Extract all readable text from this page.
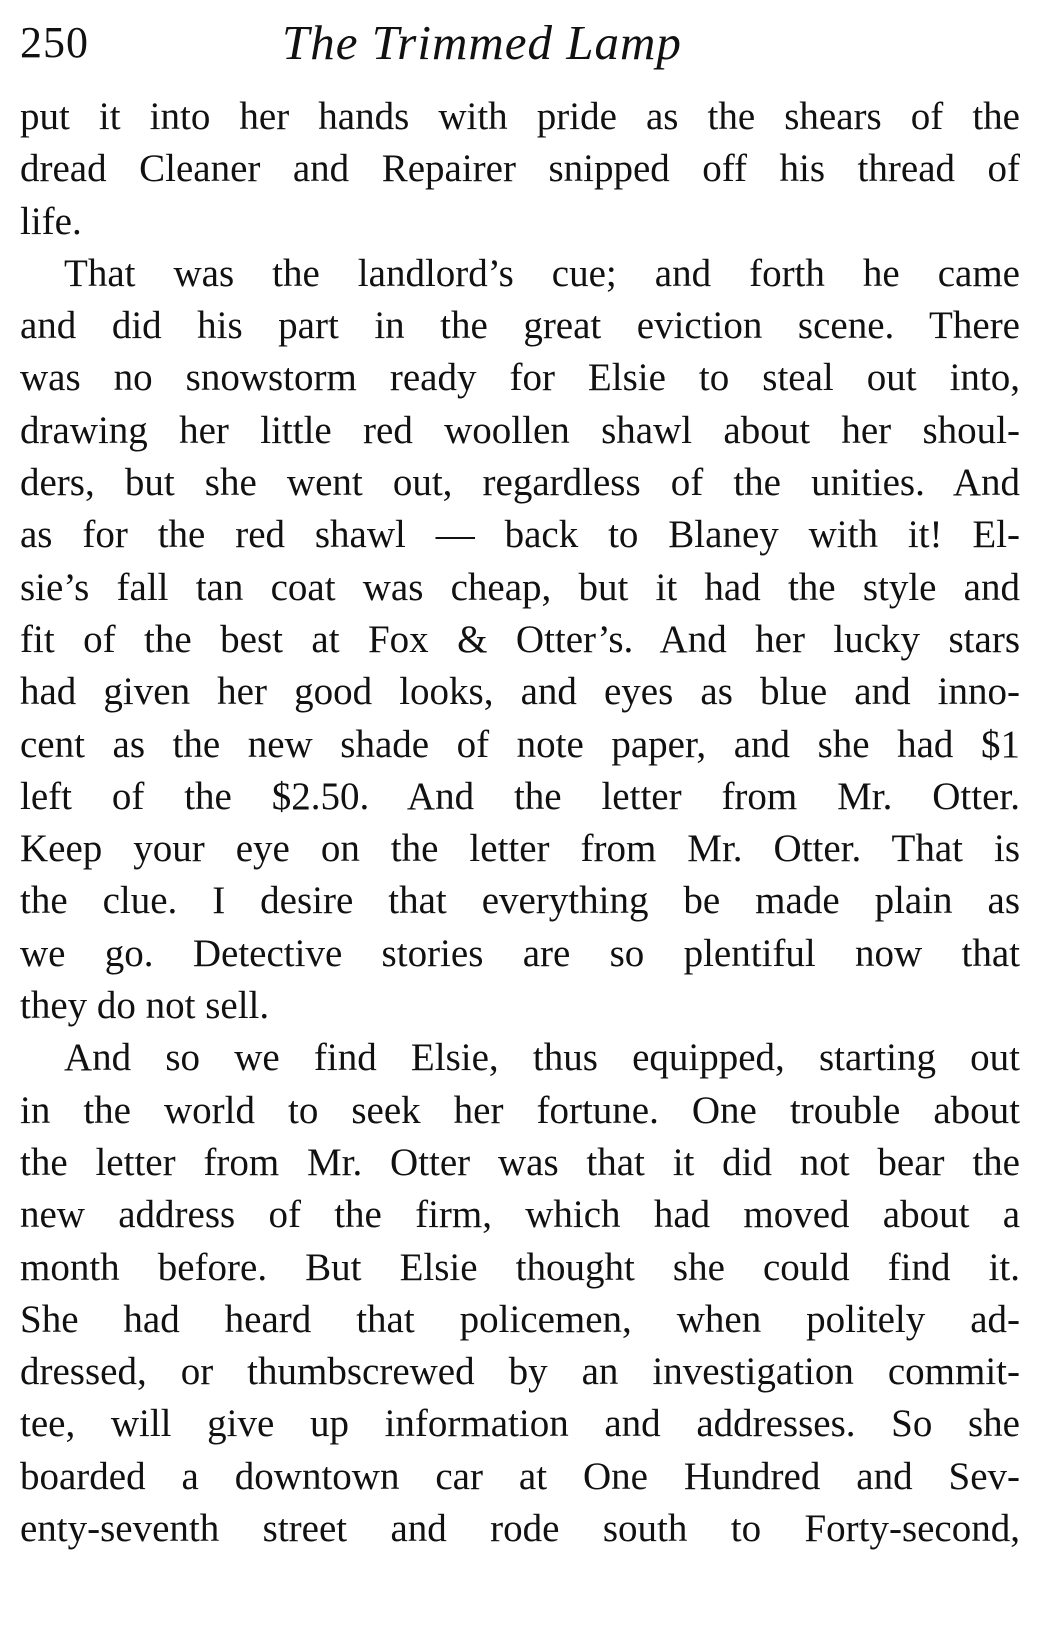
250	The Trimmed Lamp
put it into her hands with pride as the shears of the
dread Cleaner and Repairer snipped off his thread of
life.
That was the landlord’s cue; and forth he came
and did his part in the great eviction scene. There
was no snowstorm ready for Elsie to steal out into,
drawing her little red woollen shawl about her shoul-
ders, but she went out, regardless of the unities. And
as for the red shawl — back to Blaney with it! El-
sie’s fall tan coat was cheap, but it had the style and
fit of the best at Fox & Otter’s. And her lucky stars
had given her good looks, and eyes as blue and inno-
cent as the new shade of note paper, and she had $1
left of the $2.50. And the letter from Mr. Otter.
Keep your eye on the letter from Mr. Otter. That is
the clue. I desire that everything be made plain as
we go. Detective stories are so plentiful now that
they do not sell.
And so we find Elsie, thus equipped, starting out
in the world to seek her fortune. One trouble about
the letter from Mr. Otter was that it did not bear the
new address of the firm, which had moved about a
month before. But Elsie thought she could find it.
She had heard that policemen, when politely ad-
dressed, or thumbscrewed by an investigation commit-
tee, will give up information and addresses. So she
boarded a downtown car at One Hundred and Sev-
enty-seventh street and rode south to Forty-second,
